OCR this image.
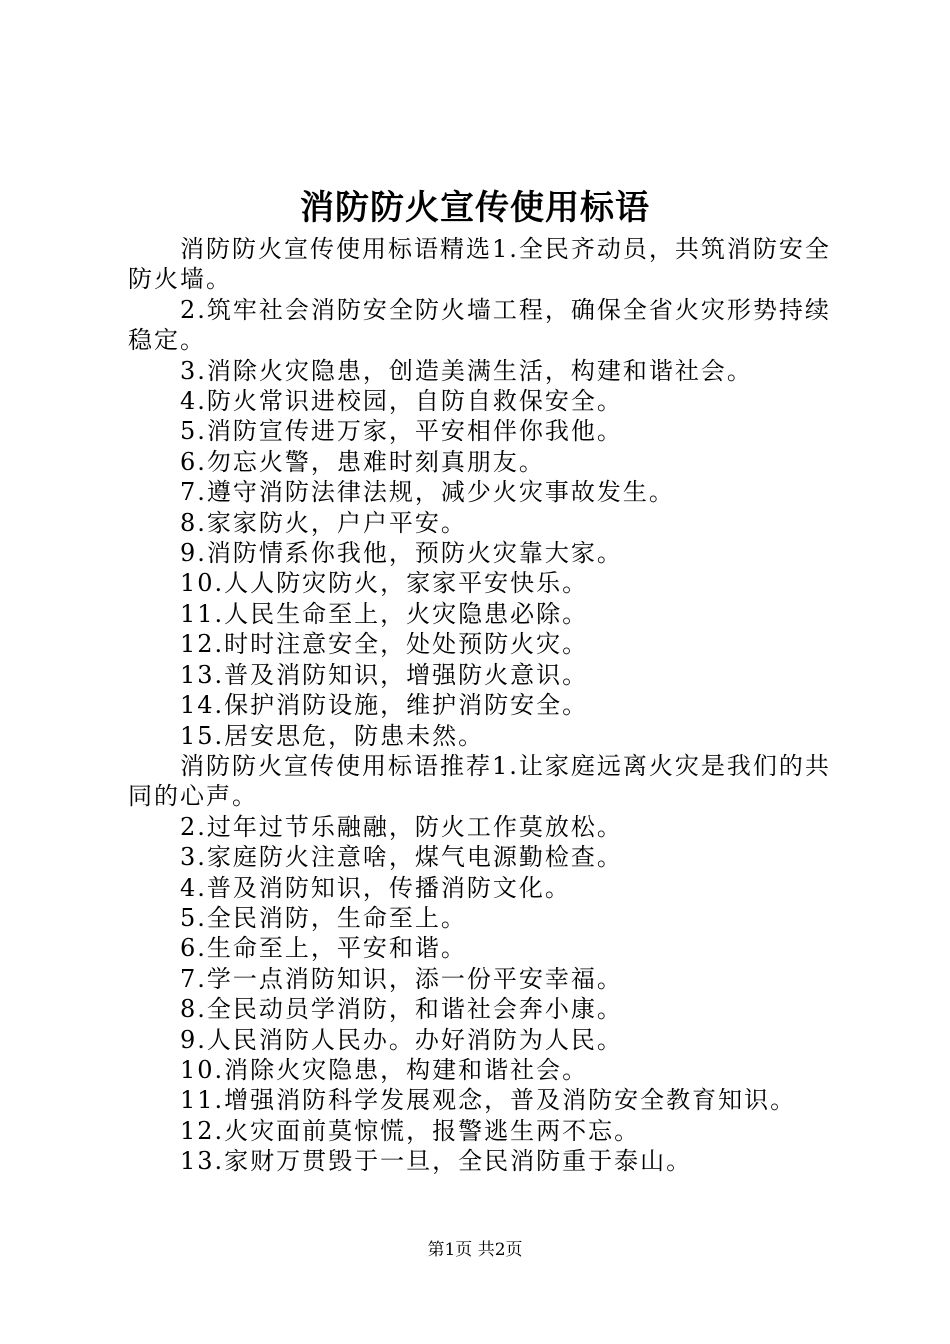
消防防火宣传使用标语

消防防火宣传使用标语精选1.全民齐动员，共筑消防安全防火墙。

2.筑牢社会消防安全防火墙工程，确保全省火灾形势持续稳定。

3.消除火灾隐患，创造美满生活，构建和谐社会。

4.防火常识进校园，自防自救保安全。

5.消防宣传进万家，平安相伴你我他。

6.勿忘火警，患难时刻真朋友。

7.遵守消防法律法规，减少火灾事故发生。

8.家家防火，户户平安。

9.消防情系你我他，预防火灾靠大家。

10.人人防灾防火，家家平安快乐。

11.人民生命至上，火灾隐患必除。

12.时时注意安全，处处预防火灾。

13.普及消防知识，增强防火意识。

14.保护消防设施，维护消防安全。

15.居安思危，防患未然。

消防防火宣传使用标语推荐1.让家庭远离火灾是我们的共同的心声。

2.过年过节乐融融，防火工作莫放松。

3.家庭防火注意啥，煤气电源勤检查。

4.普及消防知识，传播消防文化。

5.全民消防，生命至上。

6.生命至上，平安和谐。

7.学一点消防知识，添一份平安幸福。

8.全民动员学消防，和谐社会奔小康。

9.人民消防人民办。办好消防为人民。

10.消除火灾隐患，构建和谐社会。

11.增强消防科学发展观念，普及消防安全教育知识。

12.火灾面前莫惊慌，报警逃生两不忘。

13.家财万贯毁于一旦，全民消防重于泰山。

第1页 共2页
